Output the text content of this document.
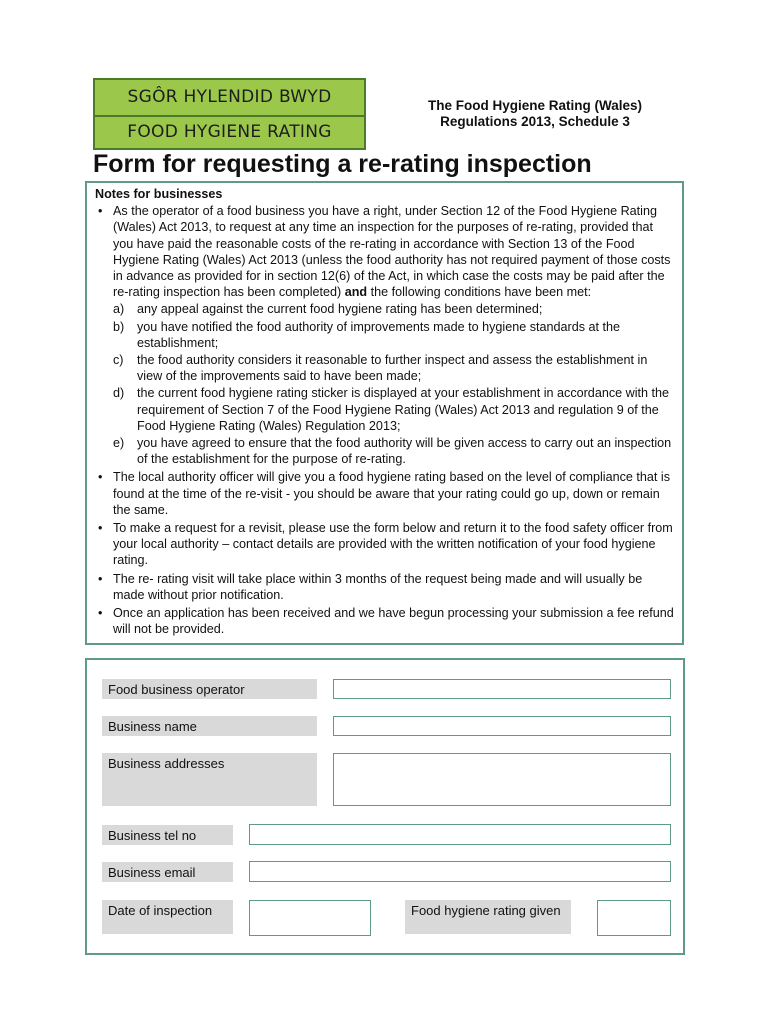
SGÔR HYLENDID BWYD
FOOD HYGIENE RATING
The Food Hygiene Rating (Wales)
Regulations 2013, Schedule 3
Form for requesting a re-rating inspection
Notes for businesses
• As the operator of a food business you have a right, under Section 12 of the Food Hygiene Rating (Wales) Act 2013, to request at any time an inspection for the purposes of re-rating, provided that you have paid the reasonable costs of the re-rating in accordance with Section 13 of the Food Hygiene Rating (Wales) Act 2013 (unless the food authority has not required payment of those costs in advance as provided for in section 12(6) of the Act, in which case the costs may be paid after the re-rating inspection has been completed) and the following conditions have been met:
a) any appeal against the current food hygiene rating has been determined;
b) you have notified the food authority of improvements made to hygiene standards at the establishment;
c) the food authority considers it reasonable to further inspect and assess the establishment in view of the improvements said to have been made;
d) the current food hygiene rating sticker is displayed at your establishment in accordance with the requirement of Section 7 of the Food Hygiene Rating (Wales) Act 2013 and regulation 9 of the Food Hygiene Rating (Wales) Regulation 2013;
e) you have agreed to ensure that the food authority will be given access to carry out an inspection of the establishment for the purpose of re-rating.
• The local authority officer will give you a food hygiene rating based on the level of compliance that is found at the time of the re-visit - you should be aware that your rating could go up, down or remain the same.
• To make a request for a revisit, please use the form below and return it to the food safety officer from your local authority – contact details are provided with the written notification of your food hygiene rating.
• The re- rating visit will take place within 3 months of the request being made and will usually be made without prior notification.
• Once an application has been received and we have begun processing your submission a fee refund will not be provided.
Food business operator
Business name
Business addresses
Business tel no
Business email
Date of inspection	Food hygiene rating given
